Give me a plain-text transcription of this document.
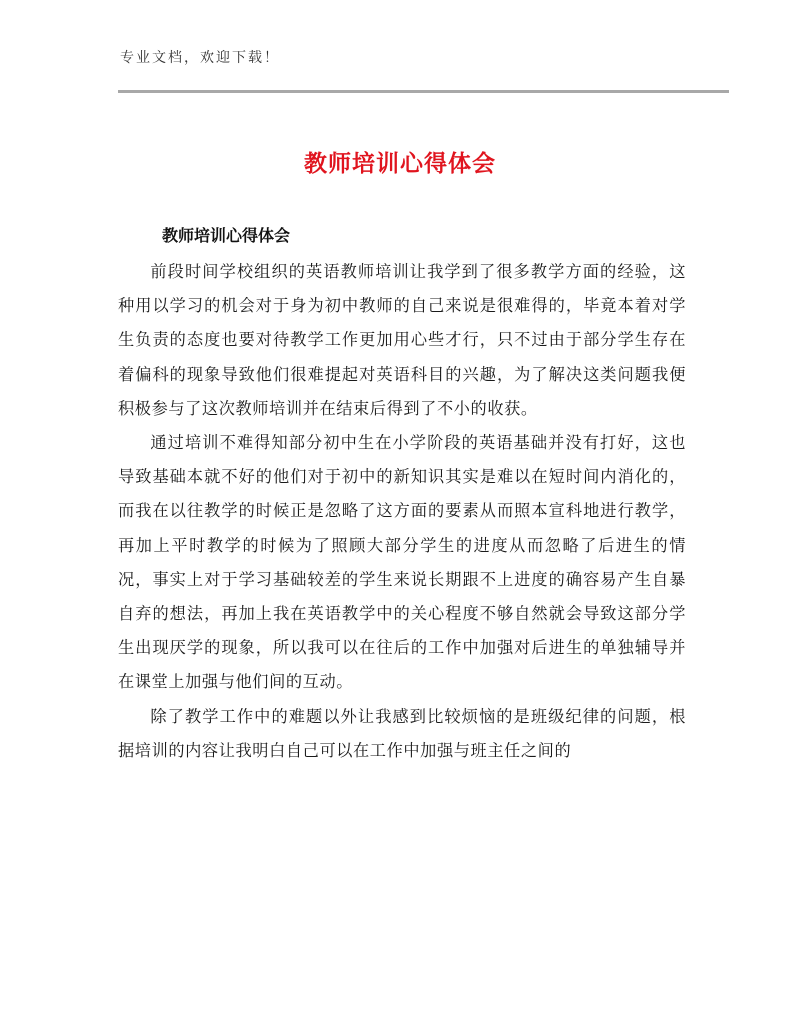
专业文档，欢迎下载！
教师培训心得体会
教师培训心得体会

前段时间学校组织的英语教师培训让我学到了很多教学方面的经验，这种用以学习的机会对于身为初中教师的自己来说是很难得的，毕竟本着对学生负责的态度也要对待教学工作更加用心些才行，只不过由于部分学生存在着偏科的现象导致他们很难提起对英语科目的兴趣，为了解决这类问题我便积极参与了这次教师培训并在结束后得到了不小的收获。

通过培训不难得知部分初中生在小学阶段的英语基础并没有打好，这也导致基础本就不好的他们对于初中的新知识其实是难以在短时间内消化的，而我在以往教学的时候正是忽略了这方面的要素从而照本宣科地进行教学，再加上平时教学的时候为了照顾大部分学生的进度从而忽略了后进生的情况，事实上对于学习基础较差的学生来说长期跟不上进度的确容易产生自暴自弃的想法，再加上我在英语教学中的关心程度不够自然就会导致这部分学生出现厌学的现象，所以我可以在往后的工作中加强对后进生的单独辅导并在课堂上加强与他们间的互动。

除了教学工作中的难题以外让我感到比较烦恼的是班级纪律的问题，根据培训的内容让我明白自己可以在工作中加强与班主任之间的
